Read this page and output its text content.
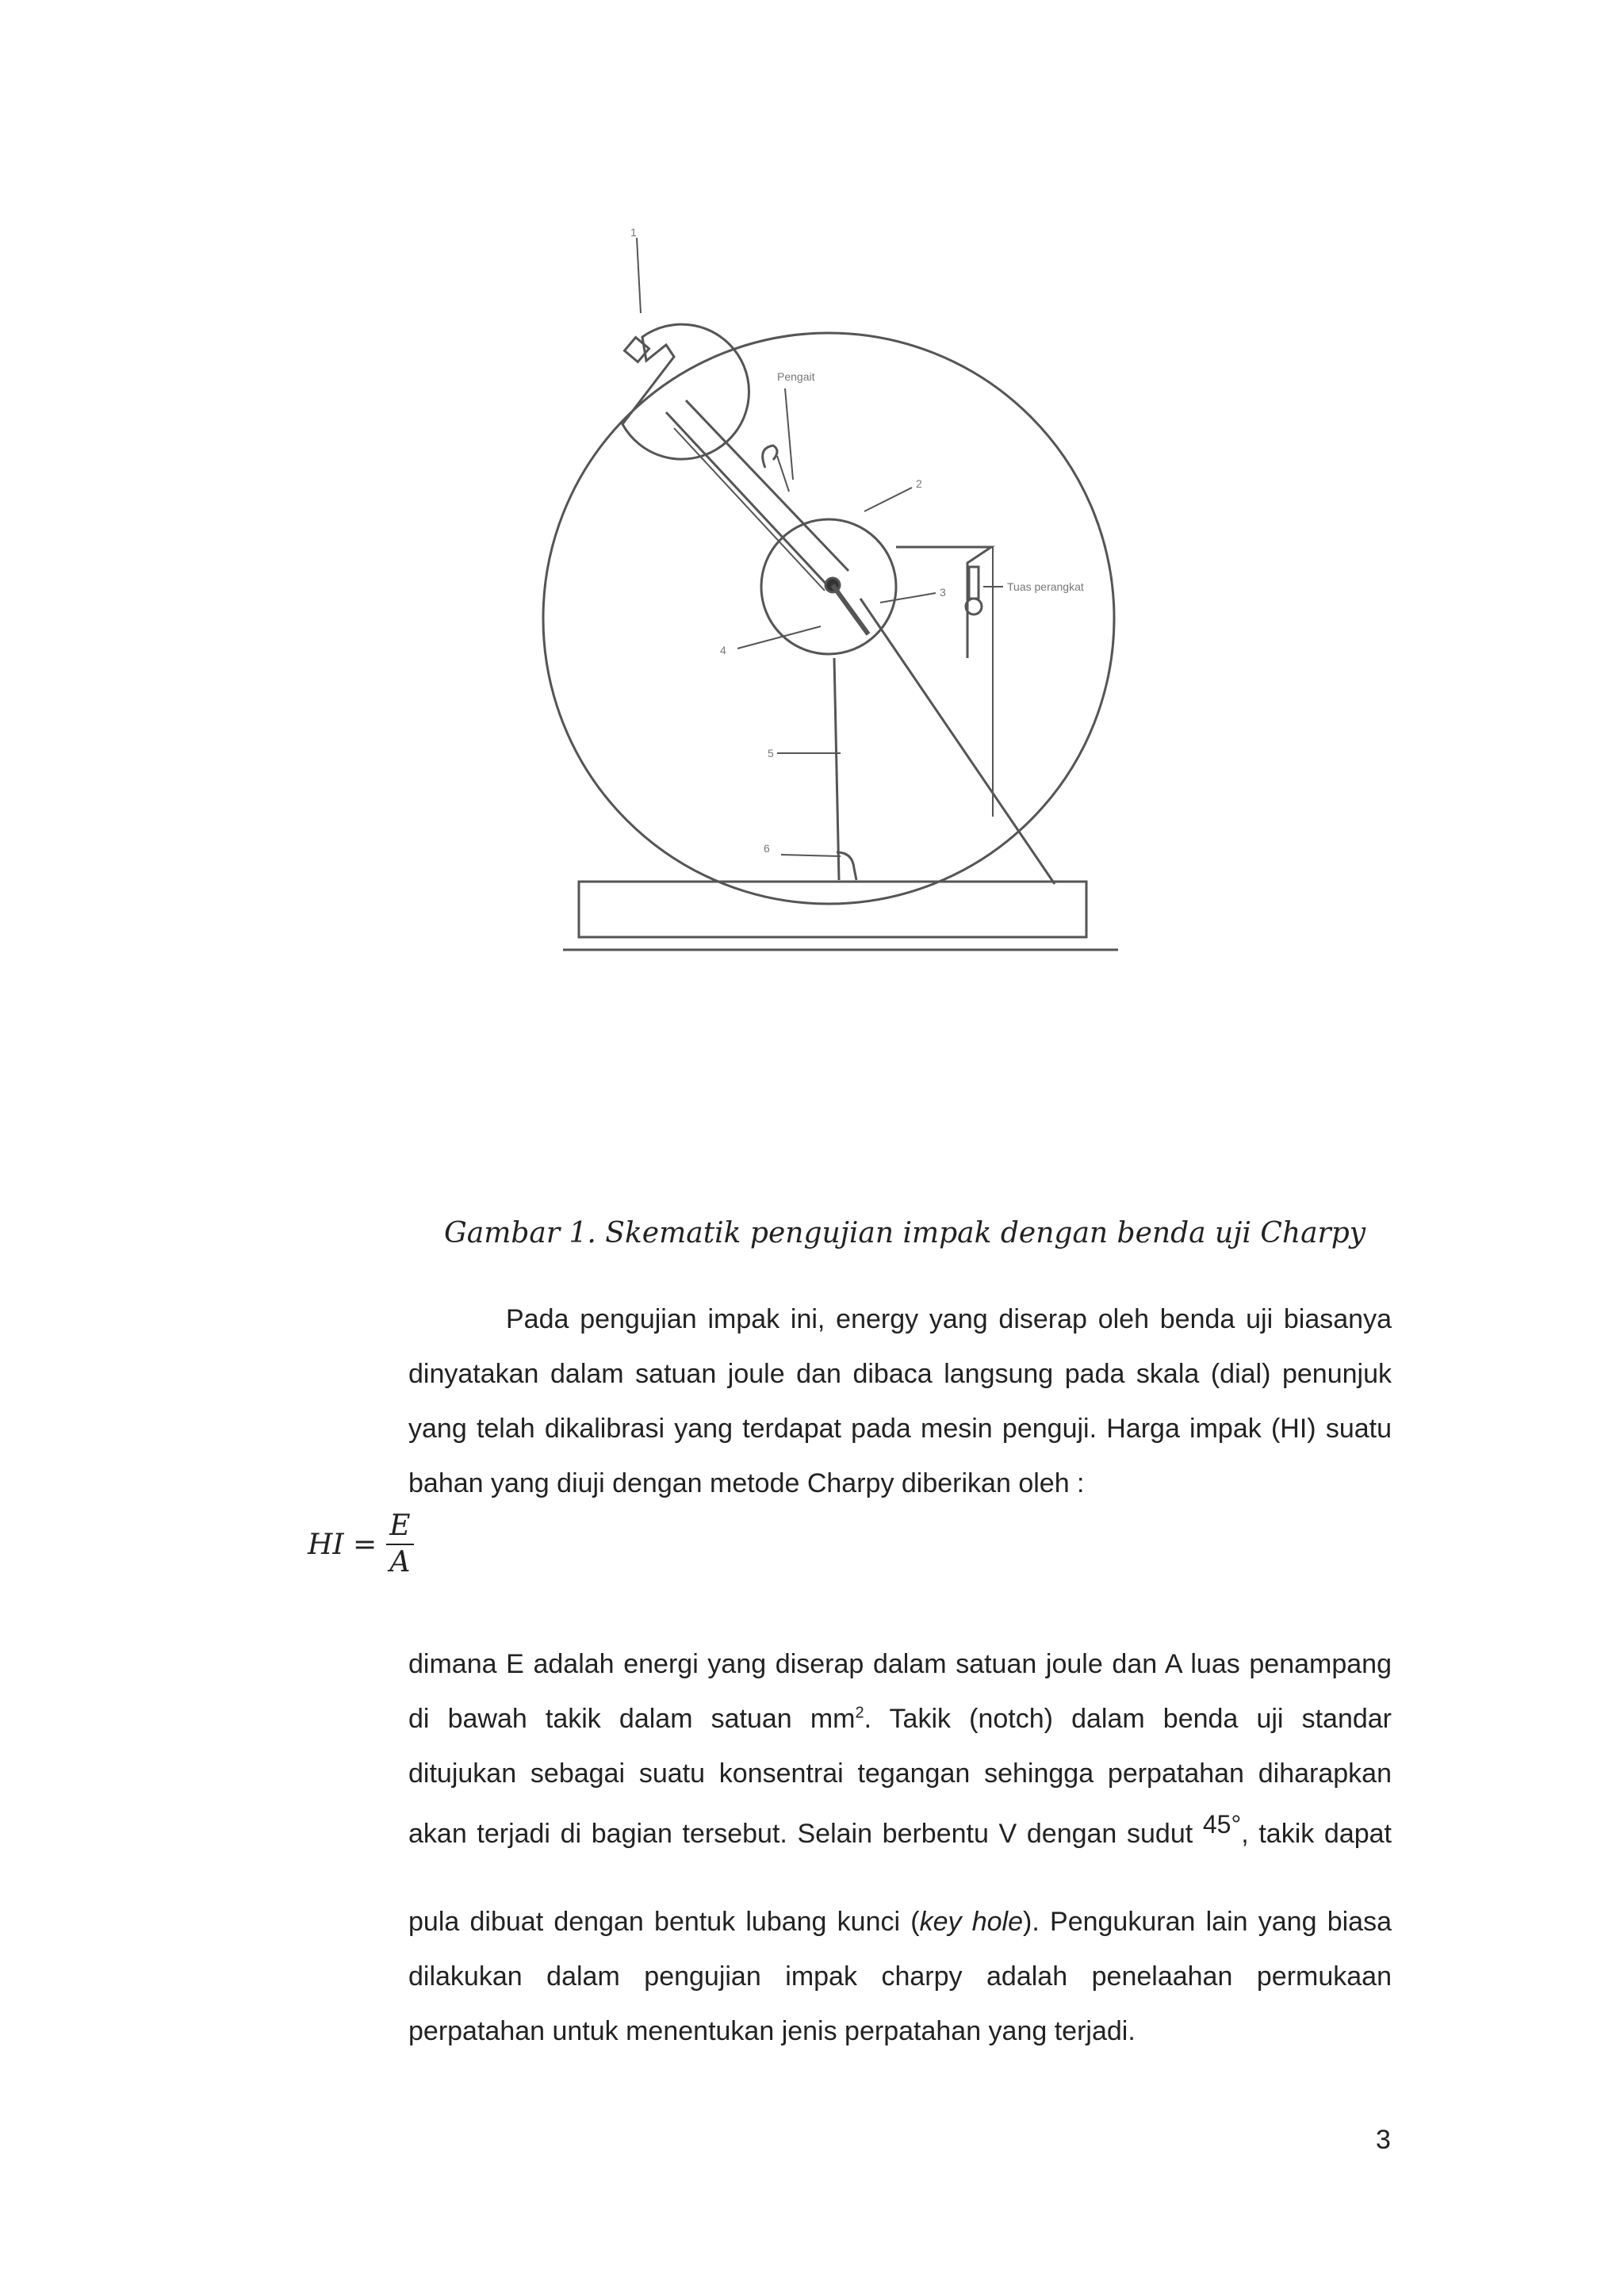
1
Pengait
2
3	Tuas perangkat
4
5
6
Gambar 1. Skematik pengujian impak dengan benda uji Charpy
Pada pengujian impak ini, energy yang diserap oleh benda uji biasanya
dinyatakan dalam satuan joule dan dibaca langsung pada skala (dial) penunjuk
yang telah dikalibrasi yang terdapat pada mesin penguji. Harga impak (HI) suatu
bahan yang diuji dengan metode Charpy diberikan oleh :
HI = $\frac{E}{A}$
dimana E adalah energi yang diserap dalam satuan joule dan A luas penampang
di bawah takik dalam satuan $mm^2$. Takik (notch) dalam benda uji standar
ditujukan sebagai suatu konsentrai tegangan sehingga perpatahan diharapkan
akan terjadi di bagian tersebut. Selain berbentu V dengan sudut 45°, takik dapat
pula dibuat dengan bentuk lubang kunci (key hole). Pengukuran lain yang biasa
dilakukan dalam pengujian impak charpy adalah penelaahan permukaan
perpatahan untuk menentukan jenis perpatahan yang terjadi.
3
